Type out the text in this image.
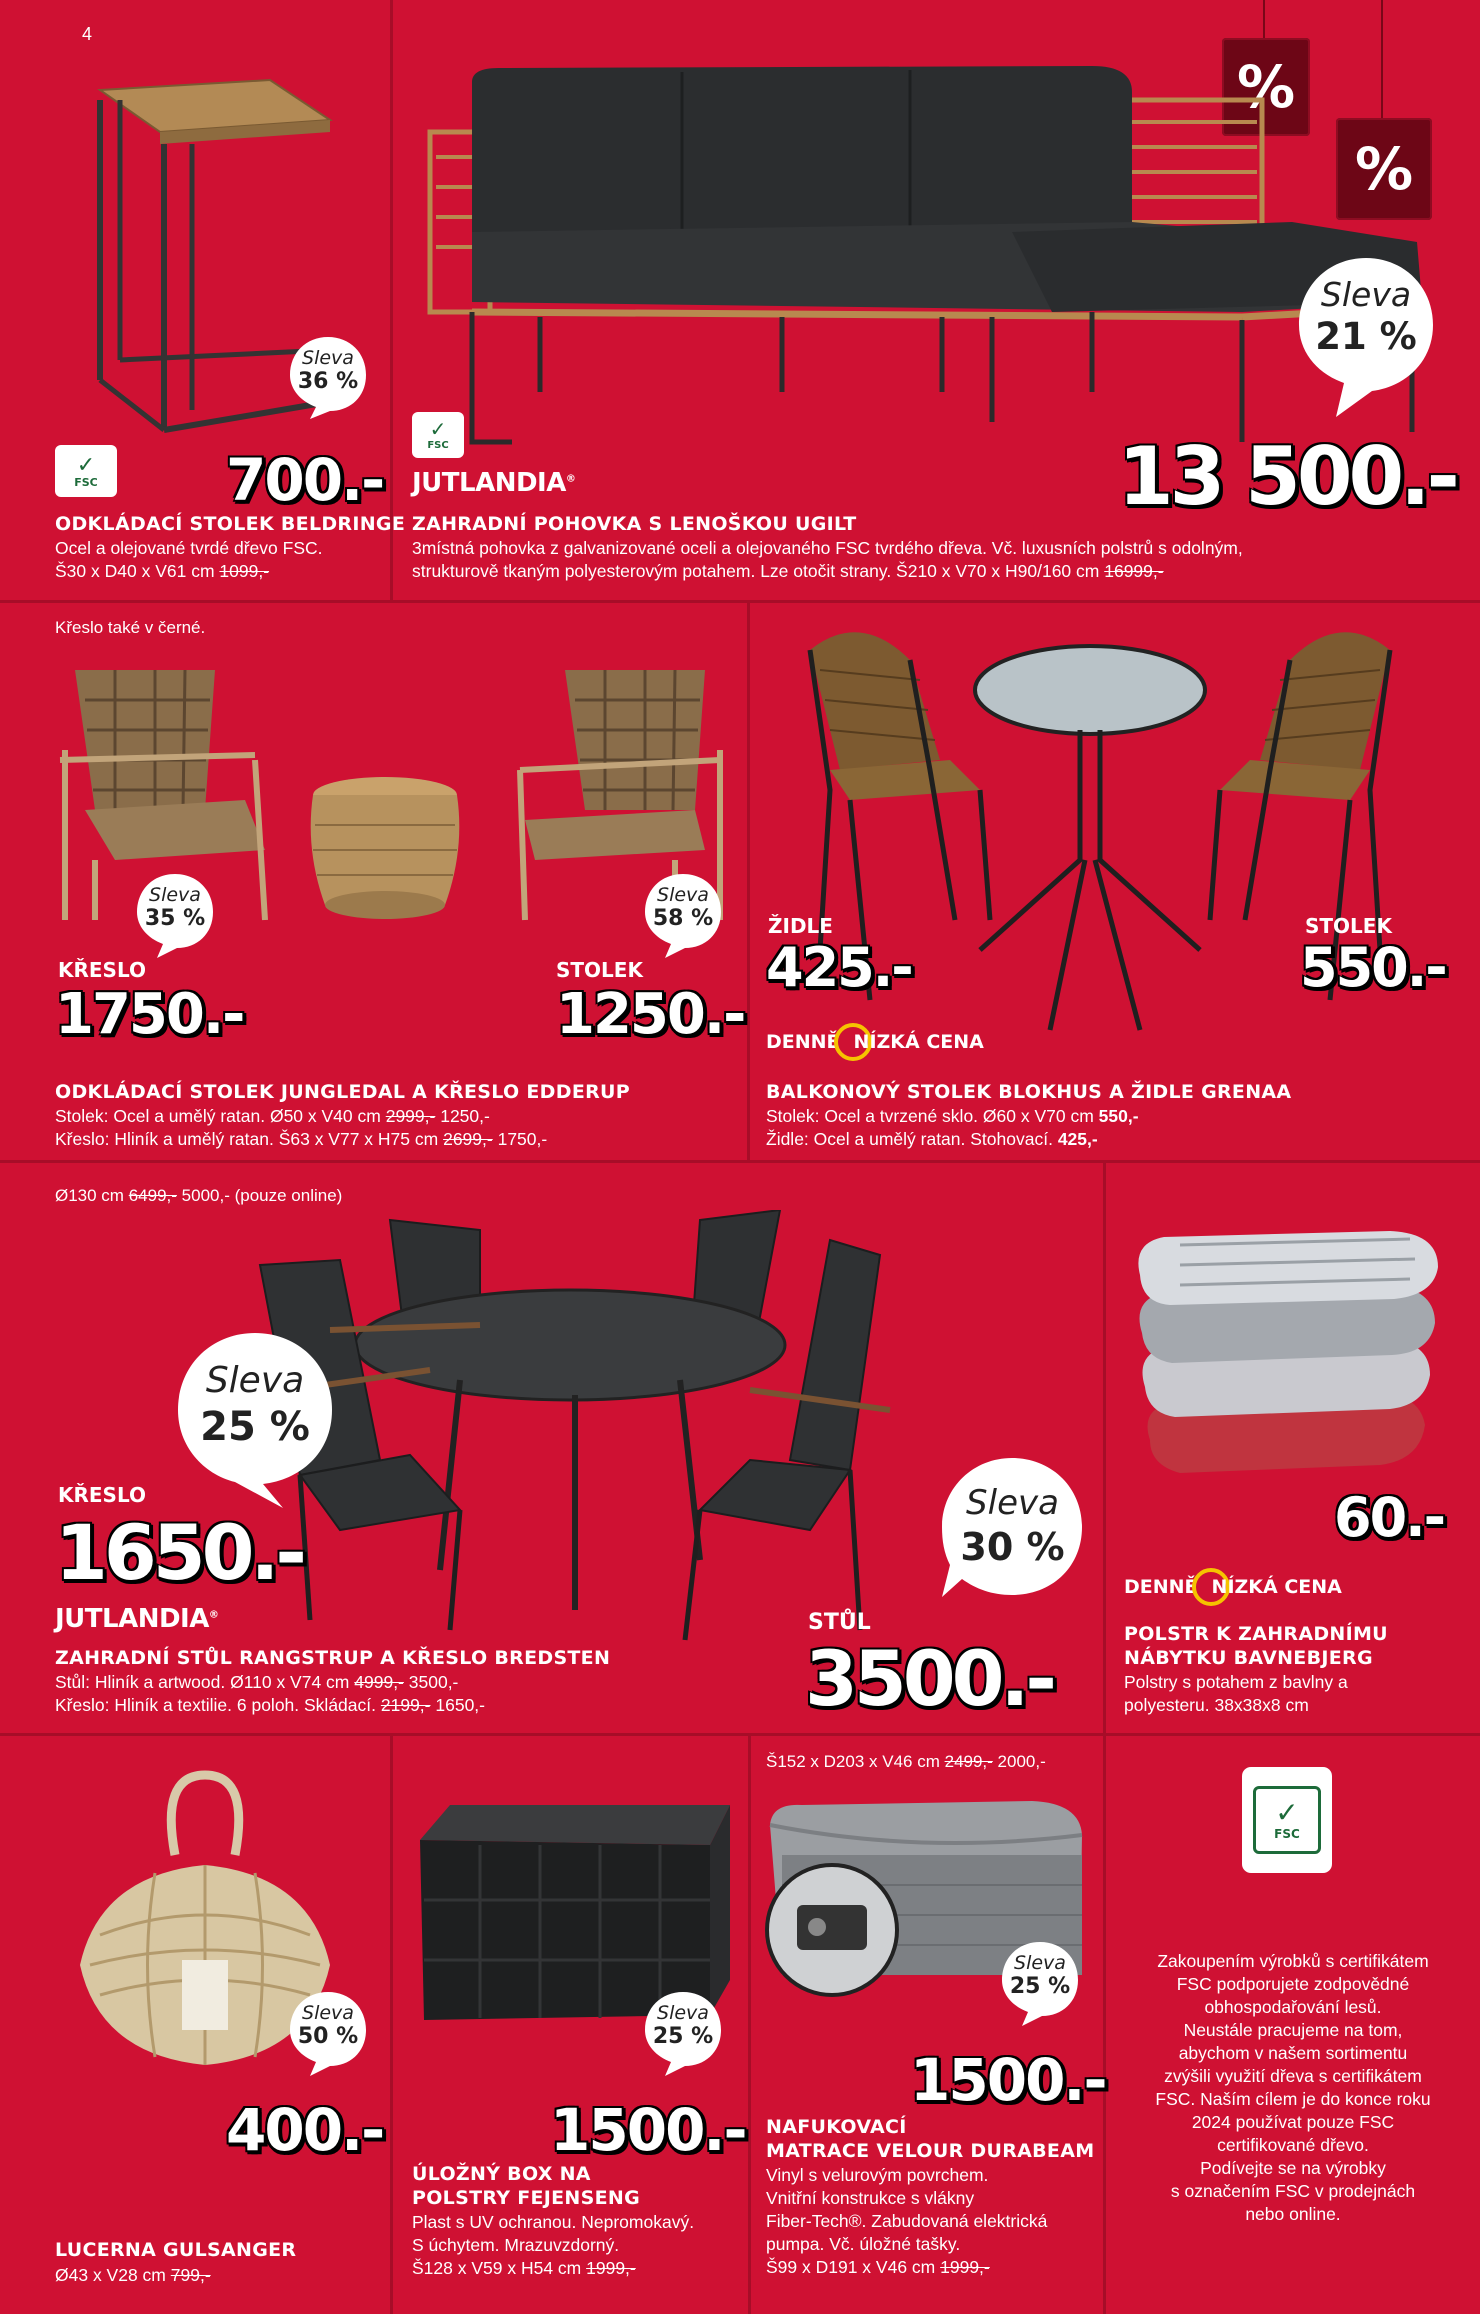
4
%
%
Sleva
36 %
✓
FSC 700.-
ODKLÁDACÍ STOLEK BELDRINGE
Ocel a olejované tvrdé dřevo FSC.
Š30 x D40 x V61 cm 1099,-
Sleva
21 %
✓
FSC
JUTLANDIA®	13 500.-
ZAHRADNÍ POHOVKA S LENOŠKOU UGILT
3místná pohovka z galvanizované oceli a olejovaného FSC tvrdého dřeva. Vč. luxusních polstrů s odolným,
strukturově tkaným polyesterovým potahem. Lze otočit strany. Š210 x V70 x H90/160 cm 16999,-
Křeslo také v černé.
Sleva
35 %
Sleva
58 %
KŘESLO
1750.-
STOLEK
1250.-
ODKLÁDACÍ STOLEK JUNGLEDAL A KŘESLO EDDERUP
Stolek: Ocel a umělý ratan. Ø50 x V40 cm 2999,- 1250,-
Křeslo: Hliník a umělý ratan. Š63 x V77 x H75 cm 2699,- 1750,-
ŽIDLE
425.-
STOLEK
550.-
DENNĚ NÍZKÁ CENA
BALKONOVÝ STOLEK BLOKHUS A ŽIDLE GRENAA
Stolek: Ocel a tvrzené sklo. Ø60 x V70 cm 550,-
Židle: Ocel a umělý ratan. Stohovací. 425,-
Ø130 cm 6499,- 5000,- (pouze online)
Sleva
25 %
KŘESLO
1650.-
JUTLANDIA®
Sleva
30 %
STŮL
3500.-
ZAHRADNÍ STŮL RANGSTRUP A KŘESLO BREDSTEN
Stůl: Hliník a artwood. Ø110 x V74 cm 4999,- 3500,-
Křeslo: Hliník a textilie. 6 poloh. Skládací. 2199,- 1650,-
60.-
DENNĚ NÍZKÁ CENA
POLSTR K ZAHRADNÍMU
NÁBYTKU BAVNEBJERG
Polstry s potahem z bavlny a
polyesteru. 38x38x8 cm
Sleva
50 %
400.-
LUCERNA GULSANGER
Ø43 x V28 cm 799,-
Sleva
25 %
1500.-
ÚLOŽNÝ BOX NA
POLSTRY FEJENSENG
Plast s UV ochranou. Nepromokavý.
S úchytem. Mrazuvzdorný.
Š128 x V59 x H54 cm 1999,-
Š152 x D203 x V46 cm 2499,- 2000,-
Sleva
25 %
1500.-
NAFUKOVACÍ
MATRACE VELOUR DURABEAM
Vinyl s velurovým povrchem.
Vnitřní konstrukce s vlákny
Fiber-Tech®. Zabudovaná elektrická
pumpa. Vč. úložné tašky.
Š99 x D191 x V46 cm 1999,-
✓
FSC
Zakoupením výrobků s certifikátem
FSC podporujete zodpovědné
obhospodařování lesů.
Neustále pracujeme na tom,
abychom v našem sortimentu
zvýšili využití dřeva s certifikátem
FSC. Naším cílem je do konce roku
2024 používat pouze FSC
certifikované dřevo.
Podívejte se na výrobky
s označením FSC v prodejnách
nebo online.
